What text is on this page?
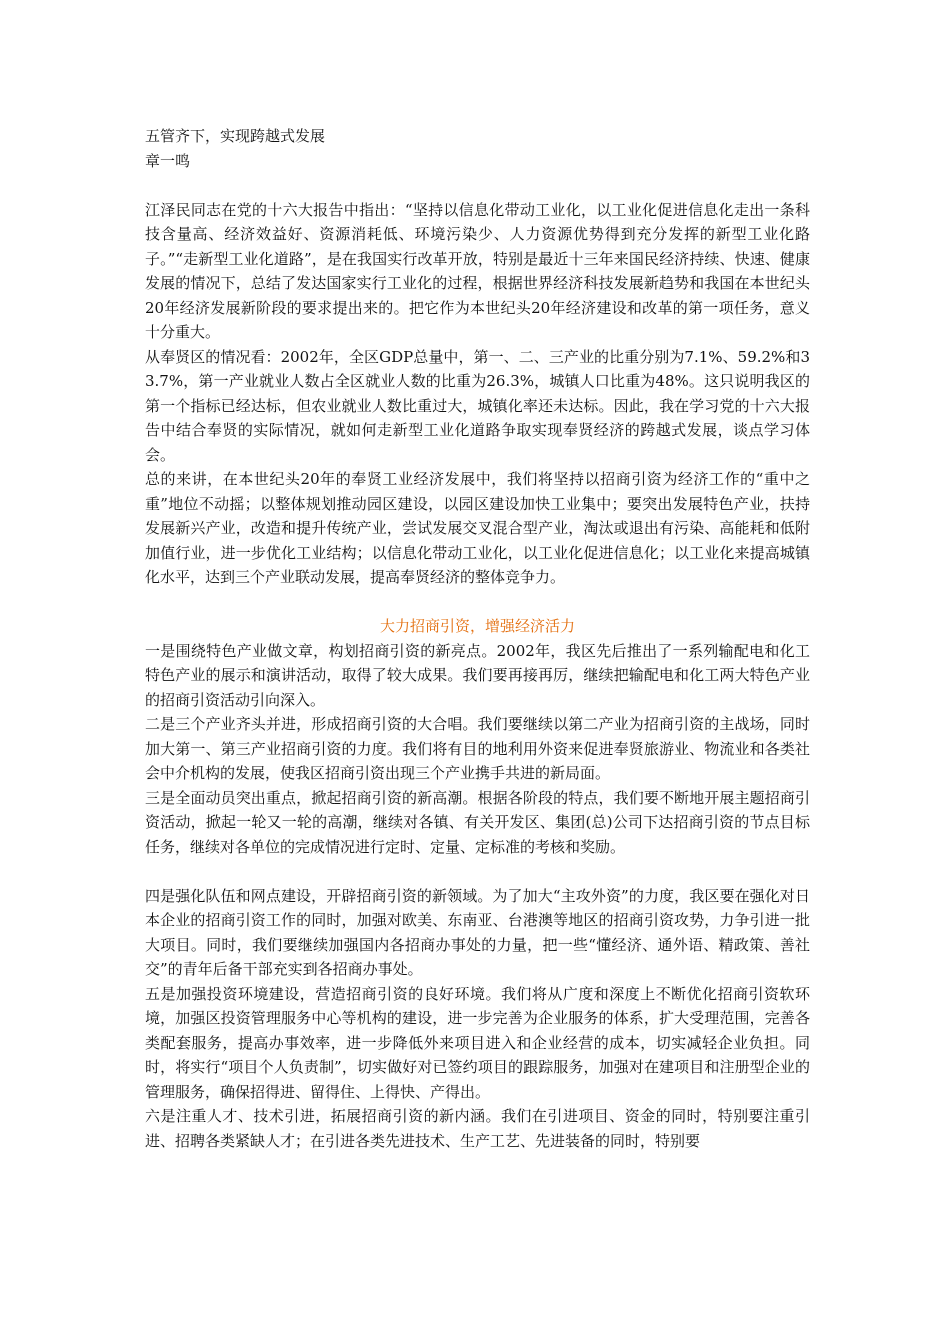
五管齐下，实现跨越式发展
章一鸣

江泽民同志在党的十六大报告中指出：“坚持以信息化带动工业化，以工业化促进信息化走出一条科技含量高、经济效益好、资源消耗低、环境污染少、人力资源优势得到充分发挥的新型工业化路子。”“走新型工业化道路”，是在我国实行改革开放，特别是最近十三年来国民经济持续、快速、健康发展的情况下，总结了发达国家实行工业化的过程，根据世界经济科技发展新趋势和我国在本世纪头20年经济发展新阶段的要求提出来的。把它作为本世纪头20年经济建设和改革的第一项任务，意义十分重大。

从奉贤区的情况看：2002年，全区GDP总量中，第一、二、三产业的比重分别为7.1%、59.2%和33.7%，第一产业就业人数占全区就业人数的比重为26.3%，城镇人口比重为48%。这只说明我区的第一个指标已经达标，但农业就业人数比重过大，城镇化率还未达标。因此，我在学习党的十六大报告中结合奉贤的实际情况，就如何走新型工业化道路争取实现奉贤经济的跨越式发展，谈点学习体会。

总的来讲，在本世纪头20年的奉贤工业经济发展中，我们将坚持以招商引资为经济工作的“重中之重”地位不动摇；以整体规划推动园区建设，以园区建设加快工业集中；要突出发展特色产业，扶持发展新兴产业，改造和提升传统产业，尝试发展交叉混合型产业，淘汰或退出有污染、高能耗和低附加值行业，进一步优化工业结构；以信息化带动工业化，以工业化促进信息化；以工业化来提高城镇化水平，达到三个产业联动发展，提高奉贤经济的整体竞争力。

大力招商引资，增强经济活力

一是围绕特色产业做文章，构划招商引资的新亮点。2002年，我区先后推出了一系列输配电和化工特色产业的展示和演讲活动，取得了较大成果。我们要再接再厉，继续把输配电和化工两大特色产业的招商引资活动引向深入。

二是三个产业齐头并进，形成招商引资的大合唱。我们要继续以第二产业为招商引资的主战场，同时加大第一、第三产业招商引资的力度。我们将有目的地利用外资来促进奉贤旅游业、物流业和各类社会中介机构的发展，使我区招商引资出现三个产业携手共进的新局面。

三是全面动员突出重点，掀起招商引资的新高潮。根据各阶段的特点，我们要不断地开展主题招商引资活动，掀起一轮又一轮的高潮，继续对各镇、有关开发区、集团(总)公司下达招商引资的节点目标任务，继续对各单位的完成情况进行定时、定量、定标准的考核和奖励。

四是强化队伍和网点建设，开辟招商引资的新领域。为了加大“主攻外资”的力度，我区要在强化对日本企业的招商引资工作的同时，加强对欧美、东南亚、台港澳等地区的招商引资攻势，力争引进一批大项目。同时，我们要继续加强国内各招商办事处的力量，把一些“懂经济、通外语、精政策、善社交”的青年后备干部充实到各招商办事处。

五是加强投资环境建设，营造招商引资的良好环境。我们将从广度和深度上不断优化招商引资软环境，加强区投资管理服务中心等机构的建设，进一步完善为企业服务的体系，扩大受理范围，完善各类配套服务，提高办事效率，进一步降低外来项目进入和企业经营的成本，切实减轻企业负担。同时，将实行“项目个人负责制”，切实做好对已签约项目的跟踪服务，加强对在建项目和注册型企业的管理服务，确保招得进、留得住、上得快、产得出。

六是注重人才、技术引进，拓展招商引资的新内涵。我们在引进项目、资金的同时，特别要注重引进、招聘各类紧缺人才；在引进各类先进技术、生产工艺、先进装备的同时，特别要
